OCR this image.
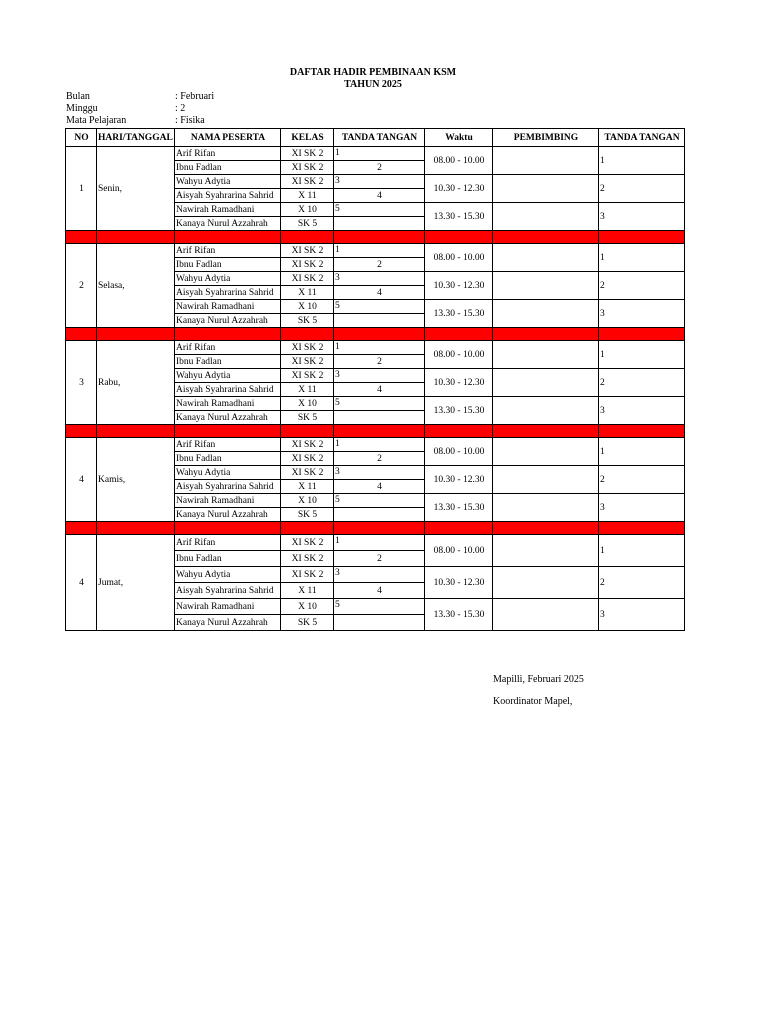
DAFTAR HADIR PEMBINAAN KSM
TAHUN 2025
Bulan	: Februari
Minggu	: 2
Mata Pelajaran	: Fisika
NO	HARI/TANGGAL	NAMA PESERTA	KELAS	TANDA TANGAN	Waktu	PEMBIMBING	TANDA TANGAN
1	Senin,	Arif Rifan	XI SK 2	1	08.00 - 10.00		1
		Ibnu Fadlan	XI SK 2	2			
		Wahyu Adytia	XI SK 2	3	10.30 - 12.30		2
		Aisyah Syahrarina Sahrid	X 11	4			
		Nawirah Ramadhani	X 10	5	13.30 - 15.30		3
		Kanaya Nurul Azzahrah	SK 5				

2	Selasa,	Arif Rifan	XI SK 2	1	08.00 - 10.00		1
		Ibnu Fadlan	XI SK 2	2			
		Wahyu Adytia	XI SK 2	3	10.30 - 12.30		2
		Aisyah Syahrarina Sahrid	X 11	4			
		Nawirah Ramadhani	X 10	5	13.30 - 15.30		3
		Kanaya Nurul Azzahrah	SK 5				

3	Rabu,	Arif Rifan	XI SK 2	1	08.00 - 10.00		1
		Ibnu Fadlan	XI SK 2	2			
		Wahyu Adytia	XI SK 2	3	10.30 - 12.30		2
		Aisyah Syahrarina Sahrid	X 11	4			
		Nawirah Ramadhani	X 10	5	13.30 - 15.30		3
		Kanaya Nurul Azzahrah	SK 5				

4	Kamis,	Arif Rifan	XI SK 2	1	08.00 - 10.00		1
		Ibnu Fadlan	XI SK 2	2			
		Wahyu Adytia	XI SK 2	3	10.30 - 12.30		2
		Aisyah Syahrarina Sahrid	X 11	4			
		Nawirah Ramadhani	X 10	5	13.30 - 15.30		3
		Kanaya Nurul Azzahrah	SK 5				

4	Jumat,	Arif Rifan	XI SK 2	1	08.00 - 10.00		1
		Ibnu Fadlan	XI SK 2	2			
		Wahyu Adytia	XI SK 2	3	10.30 - 12.30		2
		Aisyah Syahrarina Sahrid	X 11	4			
		Nawirah Ramadhani	X 10	5	13.30 - 15.30		3
		Kanaya Nurul Azzahrah	SK 5				
Mapilli, Februari 2025
Koordinator Mapel,
